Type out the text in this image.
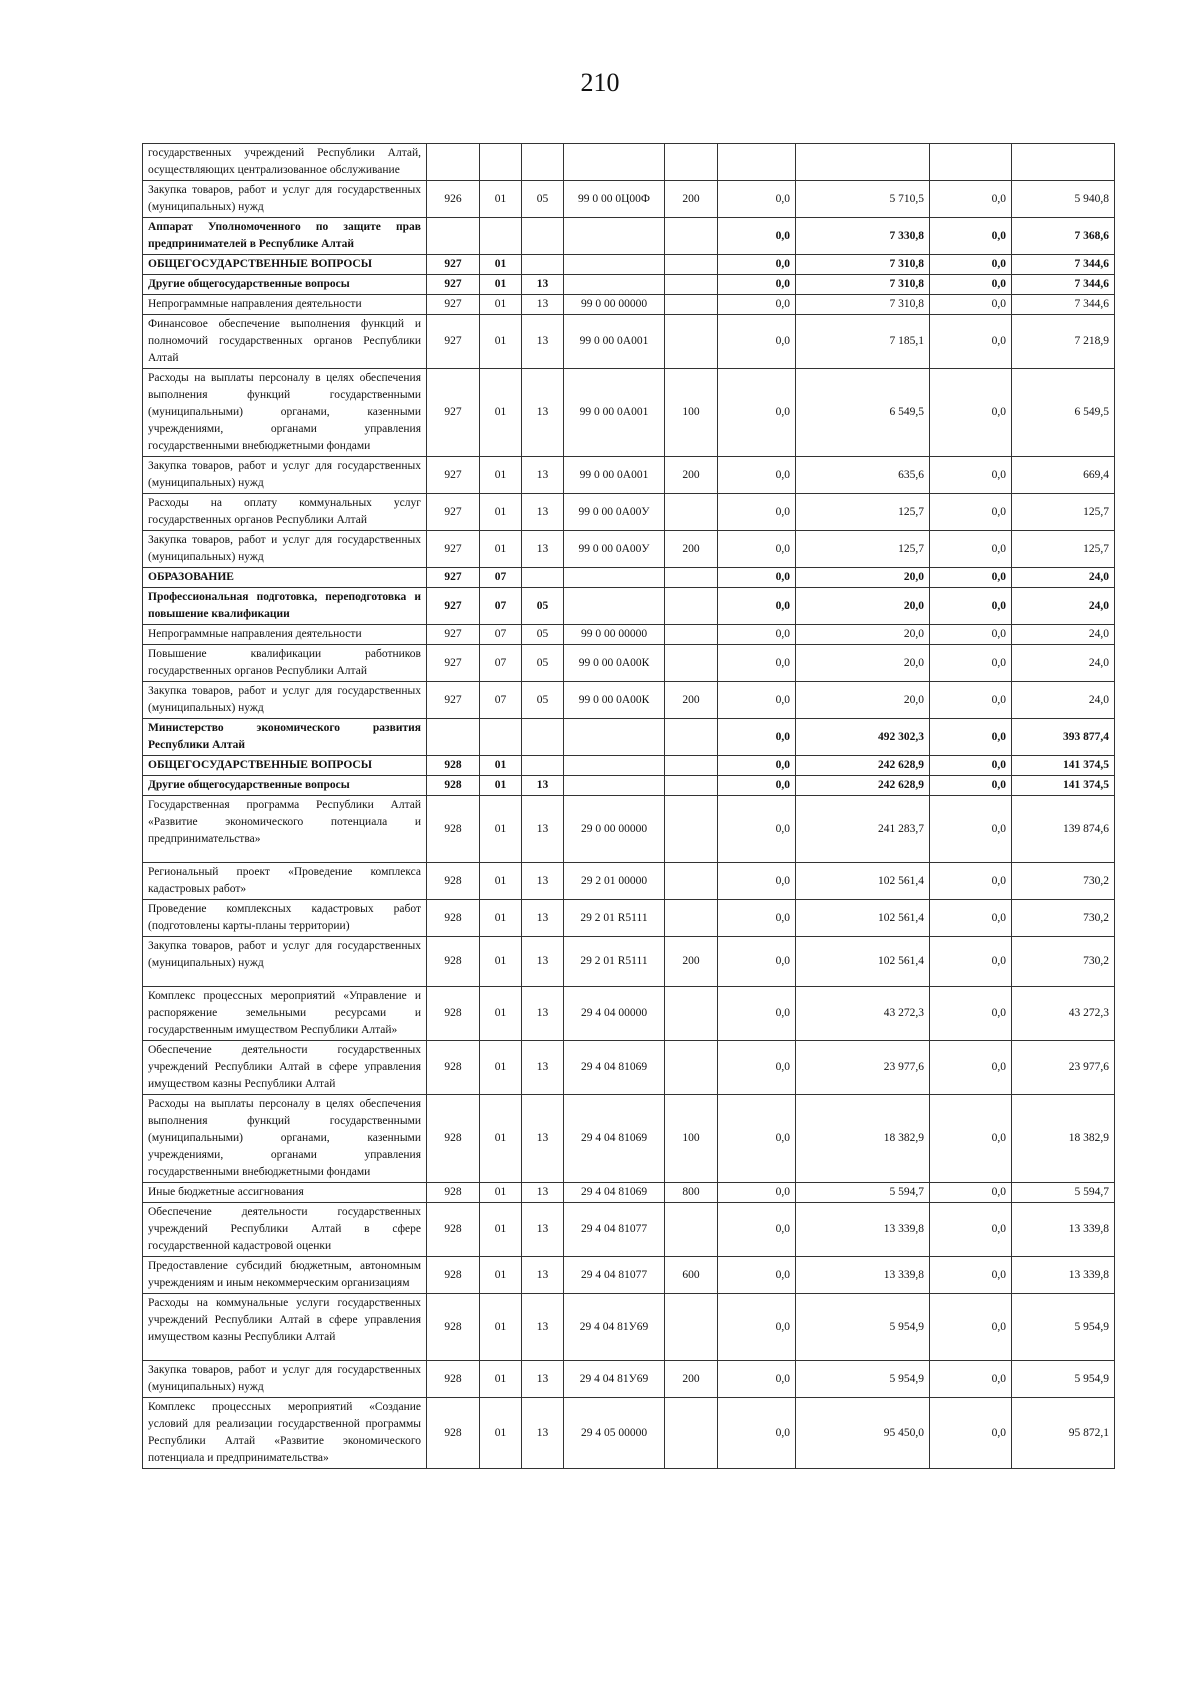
210
государственных учреждений Республики Алтай, осуществляющих централизованное обслуживание									
Закупка товаров, работ и услуг для государственных (муниципальных) нужд	926	01	05	99 0 00 0Ц00Ф	200	0,0	5 710,5	0,0	5 940,8
Аппарат Уполномоченного по защите прав предпринимателей в Республике Алтай						0,0	7 330,8	0,0	7 368,6
ОБЩЕГОСУДАРСТВЕННЫЕ ВОПРОСЫ	927	01				0,0	7 310,8	0,0	7 344,6
Другие общегосударственные вопросы	927	01	13			0,0	7 310,8	0,0	7 344,6
Непрограммные направления деятельности	927	01	13	99 0 00 00000		0,0	7 310,8	0,0	7 344,6
Финансовое обеспечение выполнения функций и полномочий государственных органов Республики Алтай	927	01	13	99 0 00 0А001		0,0	7 185,1	0,0	7 218,9
Расходы на выплаты персоналу в целях обеспечения выполнения функций государственными (муниципальными) органами, казенными учреждениями, органами управления государственными внебюджетными фондами	927	01	13	99 0 00 0А001	100	0,0	6 549,5	0,0	6 549,5
Закупка товаров, работ и услуг для государственных (муниципальных) нужд	927	01	13	99 0 00 0А001	200	0,0	635,6	0,0	669,4
Расходы на оплату коммунальных услуг государственных органов Республики Алтай	927	01	13	99 0 00 0А00У		0,0	125,7	0,0	125,7
Закупка товаров, работ и услуг для государственных (муниципальных) нужд	927	01	13	99 0 00 0А00У	200	0,0	125,7	0,0	125,7
ОБРАЗОВАНИЕ	927	07				0,0	20,0	0,0	24,0
Профессиональная подготовка, переподготовка и повышение квалификации	927	07	05			0,0	20,0	0,0	24,0
Непрограммные направления деятельности	927	07	05	99 0 00 00000		0,0	20,0	0,0	24,0
Повышение квалификации работников государственных органов Республики Алтай	927	07	05	99 0 00 0А00К		0,0	20,0	0,0	24,0
Закупка товаров, работ и услуг для государственных (муниципальных) нужд	927	07	05	99 0 00 0А00К	200	0,0	20,0	0,0	24,0
Министерство экономического развития Республики Алтай						0,0	492 302,3	0,0	393 877,4
ОБЩЕГОСУДАРСТВЕННЫЕ ВОПРОСЫ	928	01				0,0	242 628,9	0,0	141 374,5
Другие общегосударственные вопросы	928	01	13			0,0	242 628,9	0,0	141 374,5
Государственная программа Республики Алтай «Развитие экономического потенциала и предпринимательства»	928	01	13	29 0 00 00000		0,0	241 283,7	0,0	139 874,6
Региональный проект «Проведение комплекса кадастровых работ»	928	01	13	29 2 01 00000		0,0	102 561,4	0,0	730,2
Проведение комплексных кадастровых работ (подготовлены карты-планы территории)	928	01	13	29 2 01 R5111		0,0	102 561,4	0,0	730,2
Закупка товаров, работ и услуг для государственных (муниципальных) нужд	928	01	13	29 2 01 R5111	200	0,0	102 561,4	0,0	730,2
Комплекс процессных мероприятий «Управление и распоряжение земельными ресурсами и государственным имуществом Республики Алтай»	928	01	13	29 4 04 00000		0,0	43 272,3	0,0	43 272,3
Обеспечение деятельности государственных учреждений Республики Алтай в сфере управления имуществом казны Республики Алтай	928	01	13	29 4 04 81069		0,0	23 977,6	0,0	23 977,6
Расходы на выплаты персоналу в целях обеспечения выполнения функций государственными (муниципальными) органами, казенными учреждениями, органами управления государственными внебюджетными фондами	928	01	13	29 4 04 81069	100	0,0	18 382,9	0,0	18 382,9
Иные бюджетные ассигнования	928	01	13	29 4 04 81069	800	0,0	5 594,7	0,0	5 594,7
Обеспечение деятельности государственных учреждений Республики Алтай в сфере государственной кадастровой оценки	928	01	13	29 4 04 81077		0,0	13 339,8	0,0	13 339,8
Предоставление субсидий бюджетным, автономным учреждениям и иным некоммерческим организациям	928	01	13	29 4 04 81077	600	0,0	13 339,8	0,0	13 339,8
Расходы на коммунальные услуги государственных учреждений Республики Алтай в сфере управления имуществом казны Республики Алтай	928	01	13	29 4 04 81У69		0,0	5 954,9	0,0	5 954,9
Закупка товаров, работ и услуг для государственных (муниципальных) нужд	928	01	13	29 4 04 81У69	200	0,0	5 954,9	0,0	5 954,9
Комплекс процессных мероприятий «Создание условий для реализации государственной программы Республики Алтай «Развитие экономического потенциала и предпринимательства»	928	01	13	29 4 05 00000		0,0	95 450,0	0,0	95 872,1
